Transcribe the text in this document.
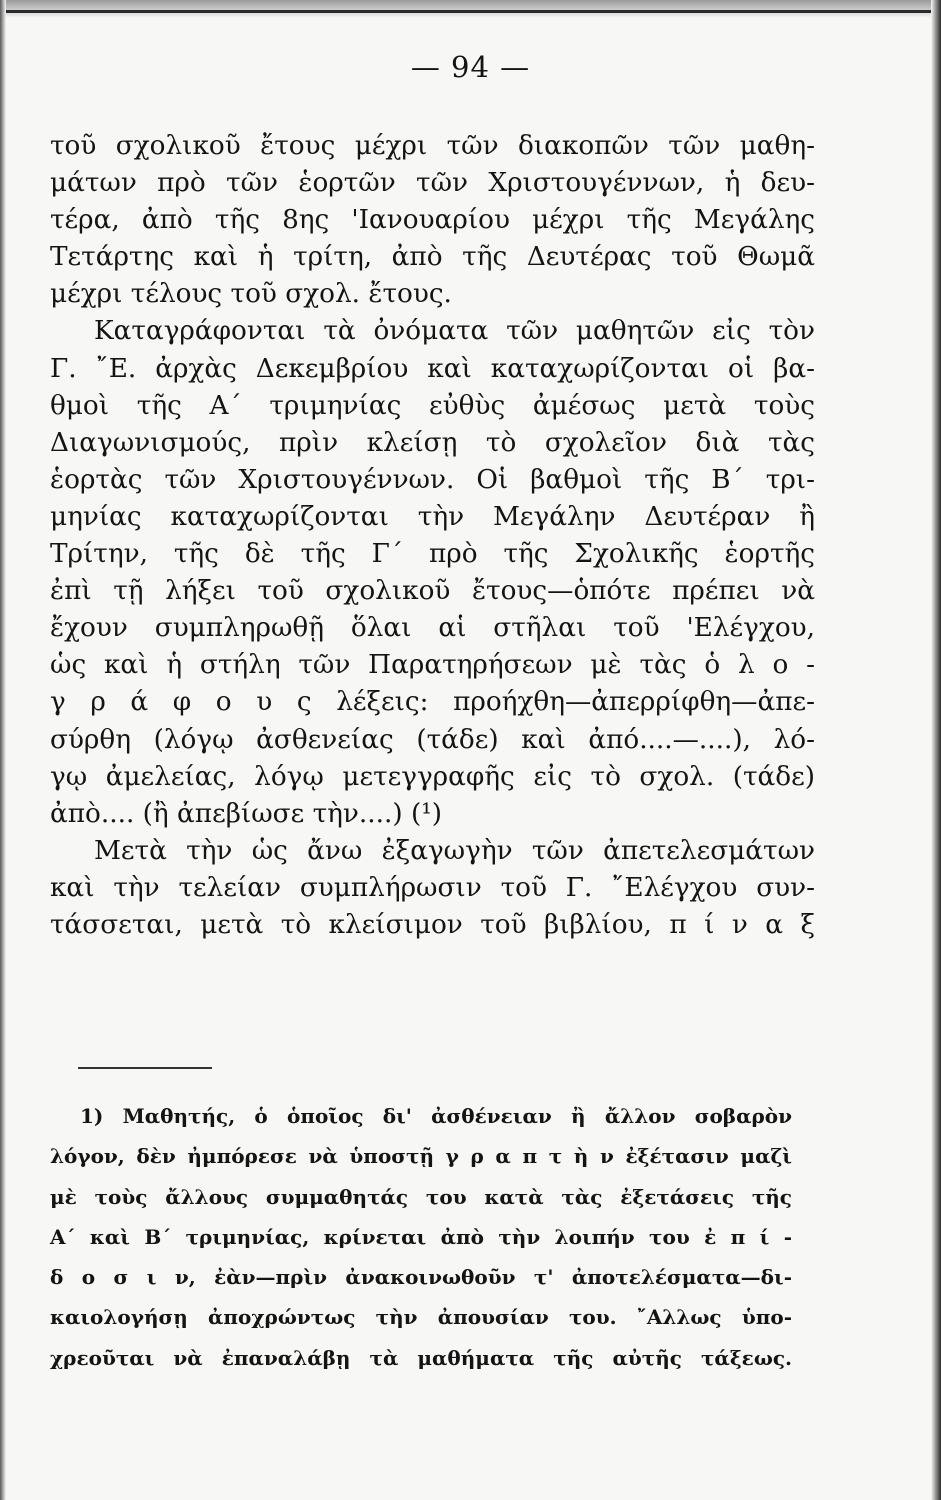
— 94 —
τοῦ σχολικοῦ ἔτους μέχρι τῶν διακοπῶν τῶν μαθη-
μάτων πρὸ τῶν ἑορτῶν τῶν Χριστουγέννων, ἡ δευ-
τέρα, ἀπὸ τῆς 8ης 'Ιανουαρίου μέχρι τῆς Μεγάλης
Τετάρτης καὶ ἡ τρίτη, ἀπὸ τῆς Δευτέρας τοῦ Θωμᾶ
μέχρι τέλους τοῦ σχολ. ἔτους.
Καταγράφονται τὰ ὀνόματα τῶν μαθητῶν εἰς τὸν
Γ. ῎Ε. ἀρχὰς Δεκεμβρίου καὶ καταχωρίζονται οἱ βα-
θμοὶ τῆς Α΄ τριμηνίας εὐθὺς ἀμέσως μετὰ τοὺς
Διαγωνισμούς, πρὶν κλείσῃ τὸ σχολεῖον διὰ τὰς
ἑορτὰς τῶν Χριστουγέννων. Οἱ βαθμοὶ τῆς Β΄ τρι-
μηνίας καταχωρίζονται τὴν Μεγάλην Δευτέραν ἢ
Τρίτην, τῆς δὲ τῆς Γ΄ πρὸ τῆς Σχολικῆς ἑορτῆς
ἐπὶ τῇ λήξει τοῦ σχολικοῦ ἔτους—ὁπότε πρέπει νὰ
ἔχουν συμπληρωθῇ ὅλαι αἱ στῆλαι τοῦ 'Ελέγχου,
ὡς καὶ ἡ στήλη τῶν Παρατηρήσεων μὲ τὰς ὁ λ ο -
γ ρ ά φ ο υ ς λέξεις: προήχθη—ἀπερρίφθη—ἀπε-
σύρθη (λόγῳ ἀσθενείας (τάδε) καὶ ἀπό....—....), λό-
γῳ ἀμελείας, λόγῳ μετεγγραφῆς εἰς τὸ σχολ. (τάδε)
ἀπὸ.... (ἢ ἀπεβίωσε τὴν....) (¹)
Μετὰ τὴν ὡς ἄνω ἐξαγωγὴν τῶν ἀπετελεσμάτων
καὶ τὴν τελείαν συμπλήρωσιν τοῦ Γ. ῎Ελέγχου συν-
τάσσεται, μετὰ τὸ κλείσιμον τοῦ βιβλίου, π ί ν α ξ
1) Μαθητής, ὁ ὁποῖος δι' ἀσθένειαν ἢ ἄλλον σοβαρὸν
λόγον, δὲν ἠμπόρεσε νὰ ὑποστῇ γ ρ α π τ ὴ ν ἐξέτασιν μαζὶ
μὲ τοὺς ἄλλους συμμαθητάς του κατὰ τὰς ἐξετάσεις τῆς
Α΄ καὶ Β΄ τριμηνίας, κρίνεται ἀπὸ τὴν λοιπήν του ἐ π ί -
δ ο σ ι ν, ἐὰν—πρὶν ἀνακοινωθοῦν τ' ἀποτελέσματα—δι-
καιολογήσῃ ἀποχρώντως τὴν ἀπουσίαν του. ῎Αλλως ὑπο-
χρεοῦται νὰ ἐπαναλάβῃ τὰ μαθήματα τῆς αὐτῆς τάξεως.
